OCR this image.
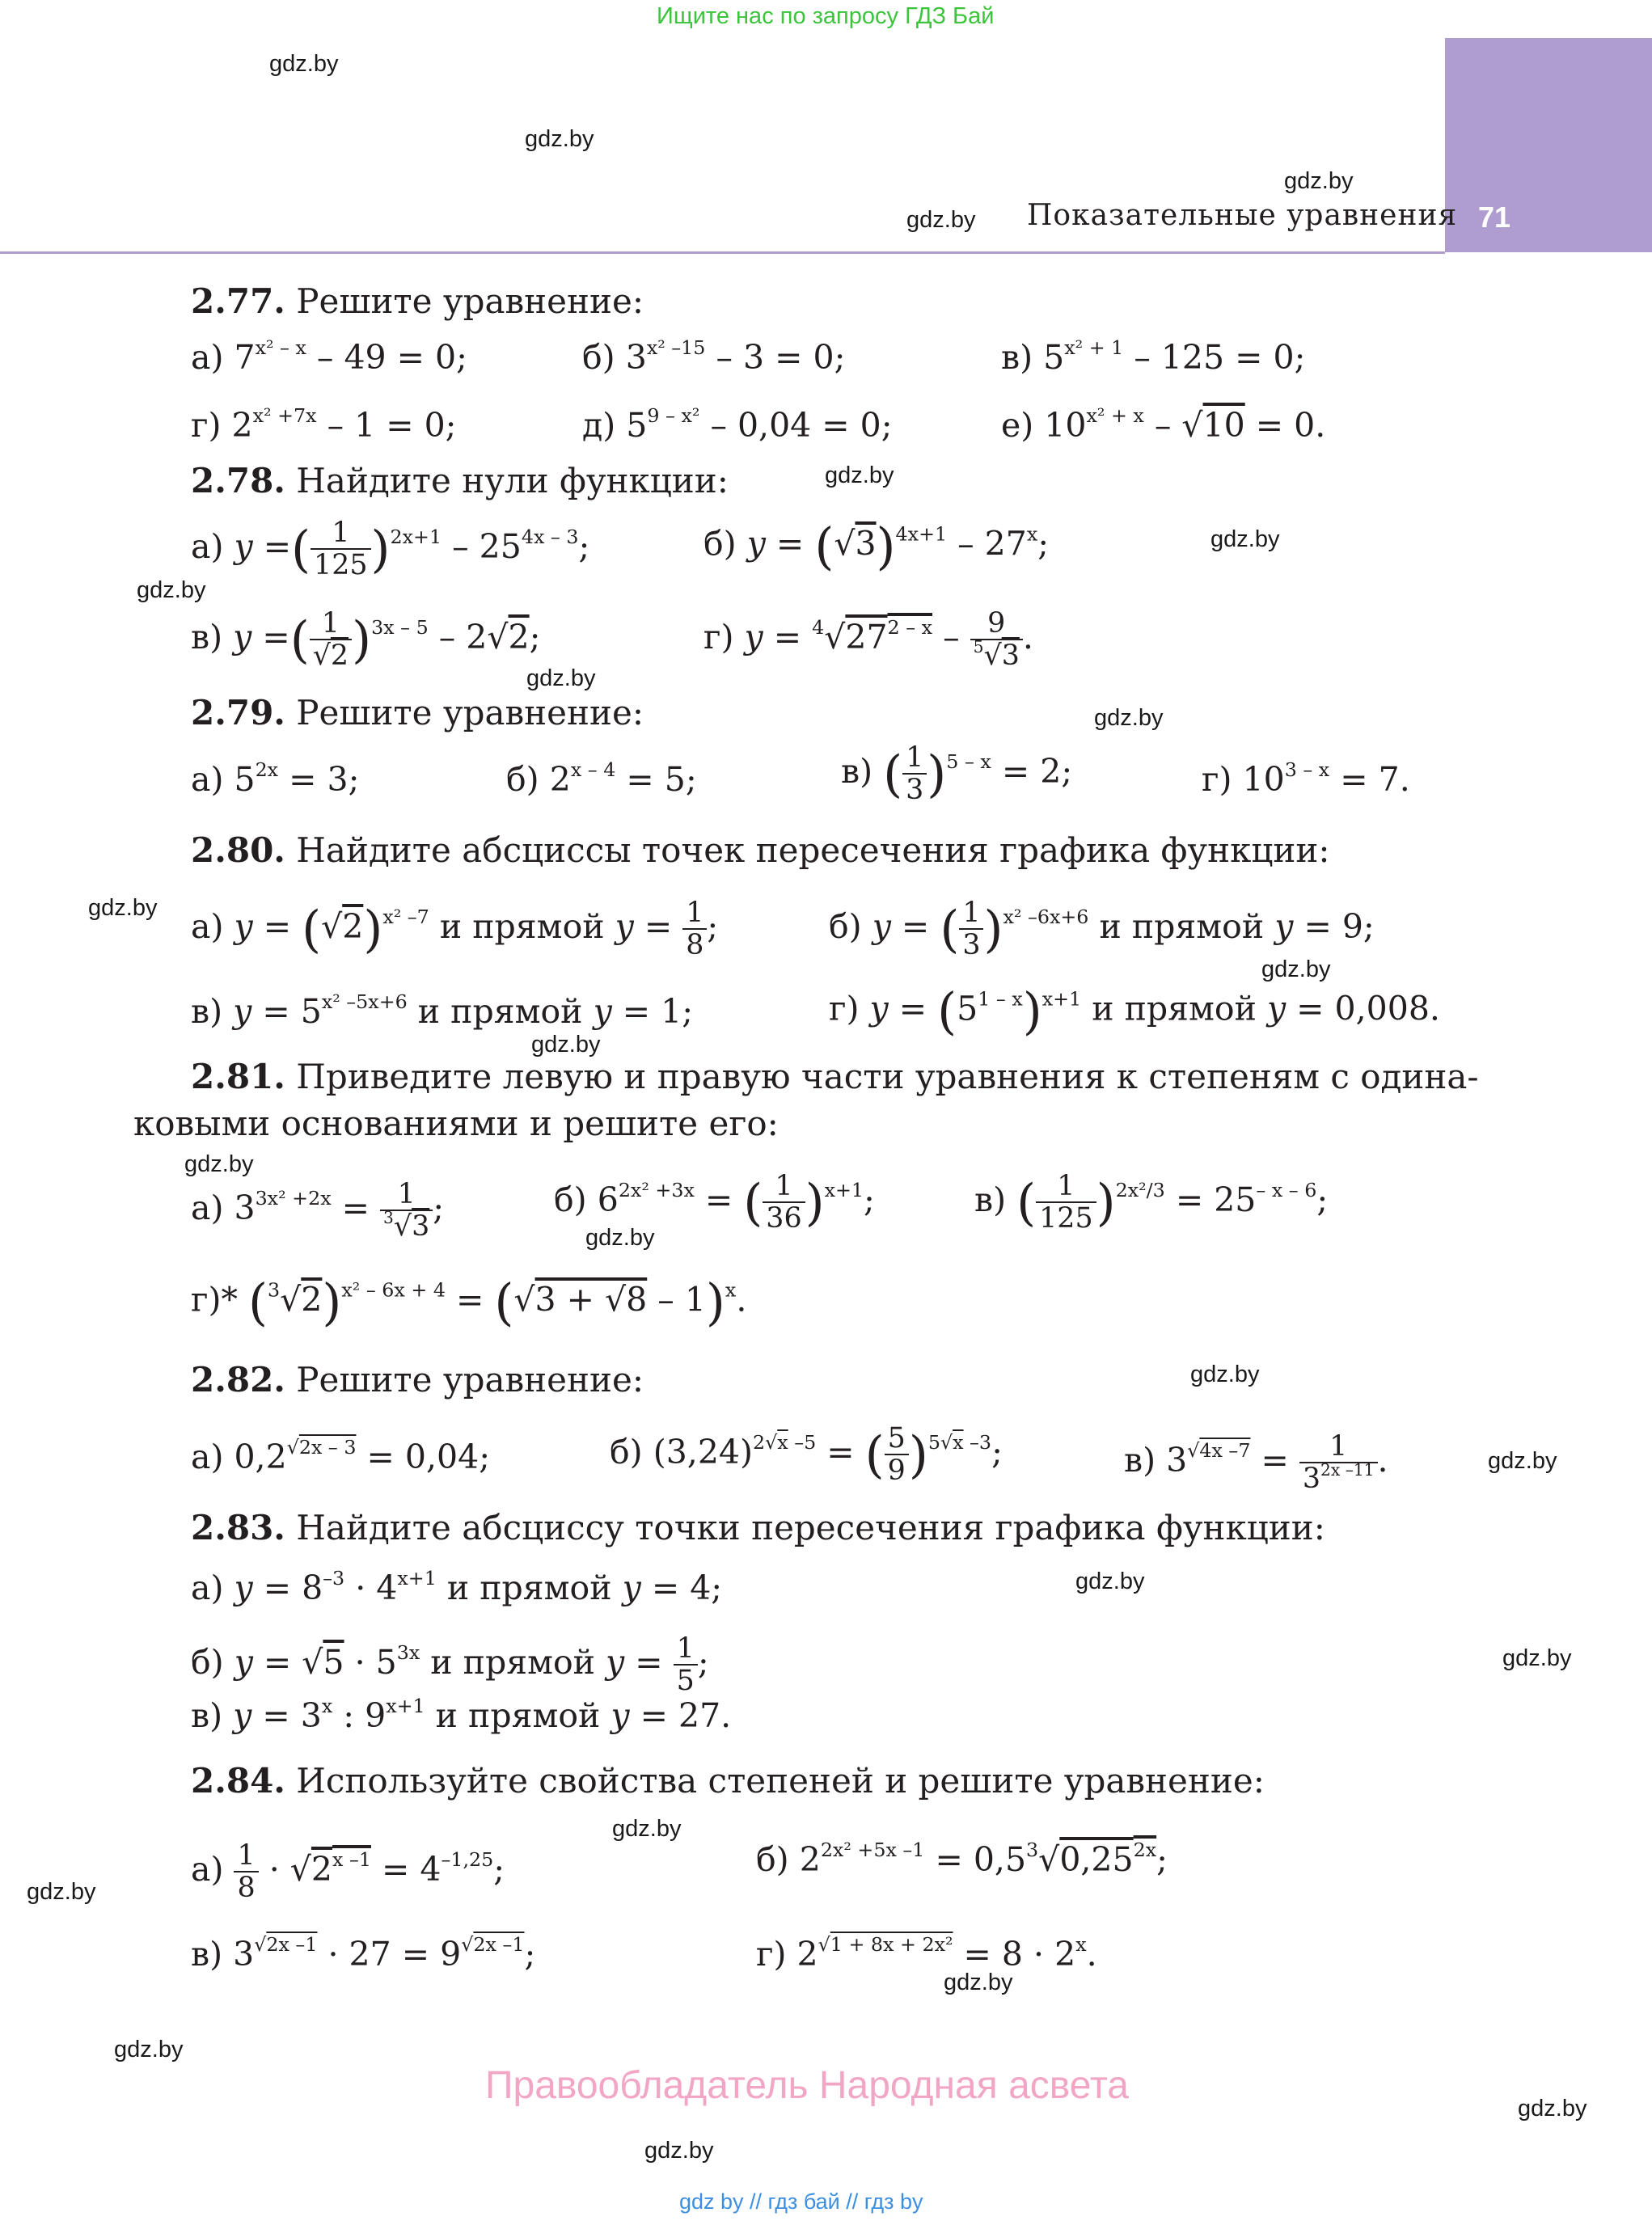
Ищите нас по запросу ГДЗ Бай
71
Показательные уравнения
gdz.by
gdz.by
gdz.by
gdz.by
gdz.by
gdz.by
gdz.by
gdz.by
gdz.by
gdz.by
gdz.by
gdz.by
gdz.by
gdz.by
gdz.by
gdz.by
gdz.by
gdz.by
gdz.by
gdz.by
gdz.by
gdz.by
gdz.by
gdz.by
2.77. Решите уравнение:
а) $7^{x^2 - x} - 49 = 0$;	б) $3^{x^2 -15} - 3 = 0$;	в) $5^{x^2 + 1} - 125 = 0$;
г) $2^{x^2 +7x} - 1 = 0$;	д) $5^{9 - x^2} - 0,04 = 0$;	е) $10^{x^2 + x} - √10 = 0$.
2.78. Найдите нули функции:
а) y =( $\frac{1}{125} )^{2x+1} - 25^{4x - 3}$;	б) $y = (√3)^{4x+1} - 27^x$;
в) y =( $\frac{1}{√2} )^{3x - 5} - 2√2$;	г) $y = ^4√27^{2 - x} - \frac{9}{^5√3}$ .
2.79. Решите уравнение:
а) $5^{2x} = 3$;	б) $2^{x - 4} = 5$;	в) ( $\frac{1}{3} )^{5 - x} = 2$;	г) $10^{3 - x} = 7$.
2.80. Найдите абсциссы точек пересечения графика функции:
а) $y = (√2)^{x^2 -7}$ и прямой $y = \frac{1}{8}$ ;	б) y = ( $\frac{1}{3} )^{x^2 -6x+6}$ и прямой y = 9;
в) $y = 5^{x^2 -5x+6}$ и прямой y = 1;	г) $y = (5^{1 - x})^{x+1}$ и прямой y = 0,008.
2.81. Приведите левую и правую части уравнения к степеням с одина-
ковыми основаниями и решите его:
а) $3^{3x^2 +2x} = \frac{1}{^3√3}$ ;	б) $6^{2x^2 +3x}$ = ( $\frac{1}{36} )^{x+1}$;	в) ( $\frac{1}{125} )^{2x^2/3} = 25^{- x - 6}$;
г)* $(^3√2)^{x^2 - 6x + 4} = (√3 + √8 - 1)^x$.
2.82. Решите уравнение:
а) $0,2^{√2x - 3} = 0,04$;	б) $(3,24)^{2√x -5}$ = ( $\frac{5}{9} )^{5√x -3}$;	в) $3^{√4x -7} = \frac{1}{3^{2x -11}}$ .
2.83. Найдите абсциссу точки пересечения графика функции:
а) $y = 8^{-3} \cdot 4^{x+1}$ и прямой y = 4;
б) $y = √5 \cdot 5^{3x}$ и прямой $y = \frac{1}{5}$ ;
в) $y = 3^x$ : $9^{x+1}$ и прямой y = 27.
2.84. Используйте свойства степеней и решите уравнение:
$а) \frac{1}{8} \cdot √2^{x -1} = 4^{-1,25}$;	б) $2^{2x^2 +5x -1} = 0,5^3√0,25^{2x}$;
в) $3^{√2x -1} \cdot 27 = 9^{√2x -1}$;	г) $2^{√1 + 8x + 2x^2} = 8 \cdot 2^x$.
Правообладатель Народная асвета
gdz by // гдз бай // гдз by
